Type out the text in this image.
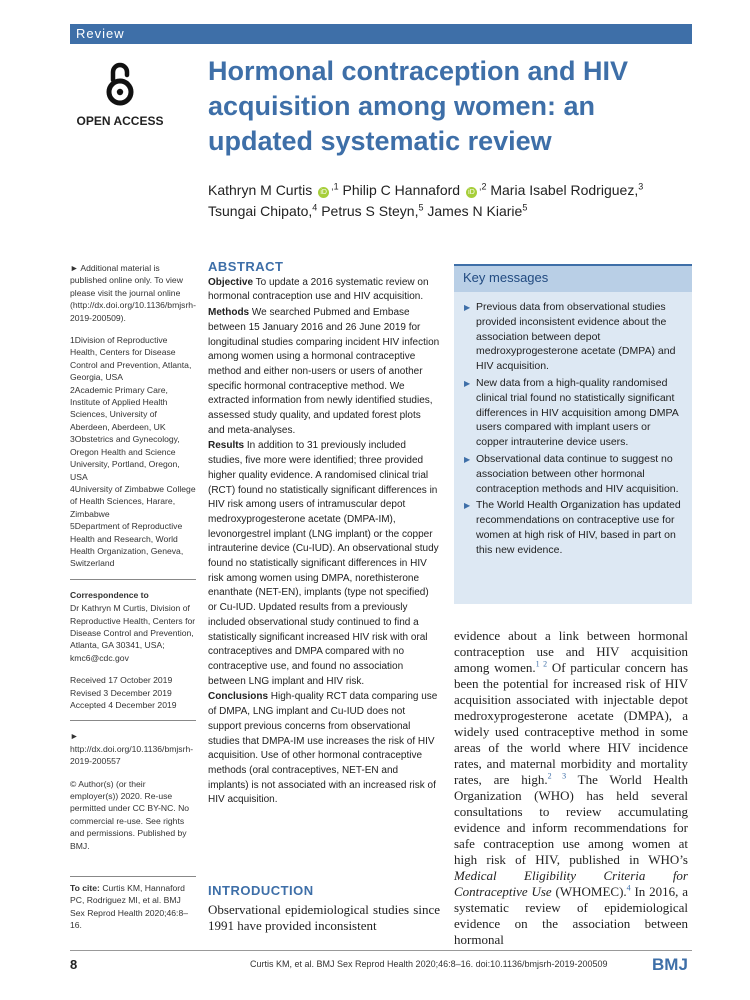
Review
OPEN ACCESS
Hormonal contraception and HIV acquisition among women: an updated systematic review
Kathryn M Curtis $iD^{,1}$ Philip C Hannaford $iD^{,2}$ Maria Isabel Rodriguez,$^3$
Tsungai Chipato,$^4$ Petrus S Steyn,$^5$ James N Kiarie$^5$

► Additional material is published online only. To view please visit the journal online (http://dx.doi.org/10.1136/bmjsrh-2019-200509).

1Division of Reproductive Health, Centers for Disease Control and Prevention, Atlanta, Georgia, USA
2Academic Primary Care, Institute of Applied Health Sciences, University of Aberdeen, Aberdeen, UK
3Obstetrics and Gynecology, Oregon Health and Science University, Portland, Oregon, USA
4University of Zimbabwe College of Health Sciences, Harare, Zimbabwe
5Department of Reproductive Health and Research, World Health Organization, Geneva, Switzerland
Correspondence to

Dr Kathryn M Curtis, Division of Reproductive Health, Centers for Disease Control and Prevention, Atlanta, GA 30341, USA; kmc6@cdc.gov

Received 17 October 2019
Revised 3 December 2019
Accepted 4 December 2019

► http://dx.doi.org/10.1136/bmjsrh-2019-200557

© Author(s) (or their employer(s)) 2020. Re-use permitted under CC BY-NC. No commercial re-use. See rights and permissions. Published by BMJ.

To cite: Curtis KM, Hannaford PC, Rodriguez MI, et al. BMJ Sex Reprod Health 2020;46:8–16.
ABSTRACT

Objective To update a 2016 systematic review on hormonal contraception use and HIV acquisition.

Methods We searched Pubmed and Embase between 15 January 2016 and 26 June 2019 for longitudinal studies comparing incident HIV infection among women using a hormonal contraceptive method and either non-users or users of another specific hormonal contraceptive method. We extracted information from newly identified studies, assessed study quality, and updated forest plots and meta-analyses.

Results In addition to 31 previously included studies, five more were identified; three provided higher quality evidence. A randomised clinical trial (RCT) found no statistically significant differences in HIV risk among users of intramuscular depot medroxyprogesterone acetate (DMPA-IM), levonorgestrel implant (LNG implant) or the copper intrauterine device (Cu-IUD). An observational study found no statistically significant differences in HIV risk among women using DMPA, norethisterone enanthate (NET-EN), implants (type not specified) or Cu-IUD. Updated results from a previously included observational study continued to find a statistically significant increased HIV risk with oral contraceptives and DMPA compared with no contraceptive use, and found no association between LNG implant and HIV risk.

Conclusions High-quality RCT data comparing use of DMPA, LNG implant and Cu-IUD does not support previous concerns from observational studies that DMPA-IM use increases the risk of HIV acquisition. Use of other hormonal contraceptive methods (oral contraceptives, NET-EN and implants) is not associated with an increased risk of HIV acquisition.

Key messages
▶ Previous data from observational studies provided inconsistent evidence about the association between depot medroxyprogesterone acetate (DMPA) and HIV acquisition.
▶ New data from a high-quality randomised clinical trial found no statistically significant differences in HIV acquisition among DMPA users compared with implant users or copper intrauterine device users.
▶ Observational data continue to suggest no association between other hormonal contraception methods and HIV acquisition.
▶ The World Health Organization has updated recommendations on contraceptive use for women at high risk of HIV, based in part on this new evidence.
INTRODUCTION

Observational epidemiological studies since 1991 have provided inconsistent

evidence about a link between hormonal contraception use and HIV acquisition among women.$^{1 2}$ Of particular concern has been the potential for increased risk of HIV acquisition associated with injectable depot medroxyprogesterone acetate (DMPA), a widely used contraceptive method in some areas of the world where HIV incidence rates, and maternal morbidity and mortality rates, are high.$^{2 3}$ The World Health Organization (WHO) has held several consultations to review accumulating evidence and inform recommendations for safe contraception use among women at high risk of HIV, published in WHO’s Medical Eligibility Criteria for Contraceptive Use (WHOMEC).$^4$ In 2016, a systematic review of epidemiological evidence on the association between hormonal

8	Curtis KM, et al. BMJ Sex Reprod Health 2020;46:8–16. doi:10.1136/bmjsrh-2019-200509	BMJ
